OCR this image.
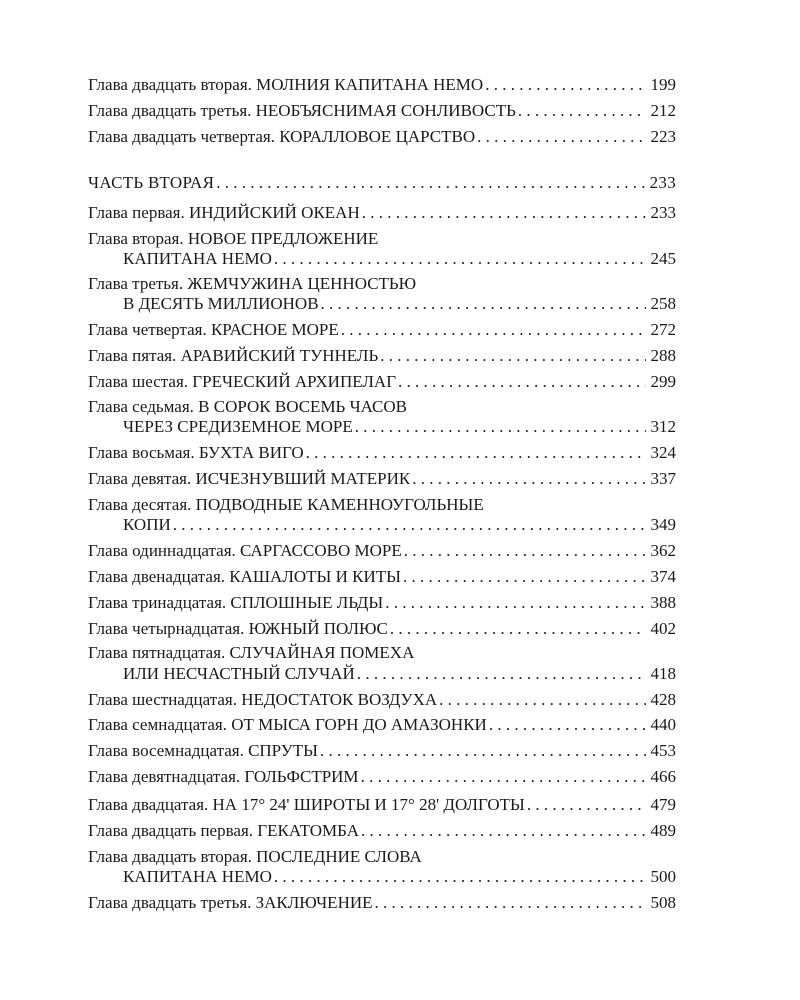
Глава двадцать вторая. МОЛНИЯ КАПИТАНА НЕМО . . .	199
Глава двадцать третья. НЕОБЪЯСНИМАЯ СОНЛИВОСТЬ . . .	212
Глава двадцать четвертая. КОРАЛЛОВОЕ ЦАРСТВО . . .	223
ЧАСТЬ ВТОРАЯ . . .	233
Глава первая. ИНДИЙСКИЙ ОКЕАН . . .	233
Глава вторая. НОВОЕ ПРЕДЛОЖЕНИЕ
КАПИТАНА НЕМО . . .	245
Глава третья. ЖЕМЧУЖИНА ЦЕННОСТЬЮ
В ДЕСЯТЬ МИЛЛИОНОВ . . .	258
Глава четвертая. КРАСНОЕ МОРЕ . . .	272
Глава пятая. АРАВИЙСКИЙ ТУННЕЛЬ . . .	288
Глава шестая. ГРЕЧЕСКИЙ АРХИПЕЛАГ . . .	299
Глава седьмая. В СОРОК ВОСЕМЬ ЧАСОВ
ЧЕРЕЗ СРЕДИЗЕМНОЕ МОРЕ . . .	312
Глава восьмая. БУХТА ВИГО . . .	324
Глава девятая. ИСЧЕЗНУВШИЙ МАТЕРИК . . .	337
Глава десятая. ПОДВОДНЫЕ КАМЕННОУГОЛЬНЫЕ
КОПИ . . .	349
Глава одиннадцатая. САРГАССОВО МОРЕ . . .	362
Глава двенадцатая. КАШАЛОТЫ И КИТЫ . . .	374
Глава тринадцатая. СПЛОШНЫЕ ЛЬДЫ . . .	388
Глава четырнадцатая. ЮЖНЫЙ ПОЛЮС . . .	402
Глава пятнадцатая. СЛУЧАЙНАЯ ПОМЕХА
ИЛИ НЕСЧАСТНЫЙ СЛУЧАЙ . . .	418
Глава шестнадцатая. НЕДОСТАТОК ВОЗДУХА . . .	428
Глава семнадцатая. ОТ МЫСА ГОРН ДО АМАЗОНКИ . . .	440
Глава восемнадцатая. СПРУТЫ . . .	453
Глава девятнадцатая. ГОЛЬФСТРИМ . . .	466
Глава двадцатая. НА 17° 24' ШИРОТЫ И 17° 28' ДОЛГОТЫ . . .	479
Глава двадцать первая. ГЕКАТОМБА . . .	489
Глава двадцать вторая. ПОСЛЕДНИЕ СЛОВА
КАПИТАНА НЕМО . . .	500
Глава двадцать третья. ЗАКЛЮЧЕНИЕ . . .	508
